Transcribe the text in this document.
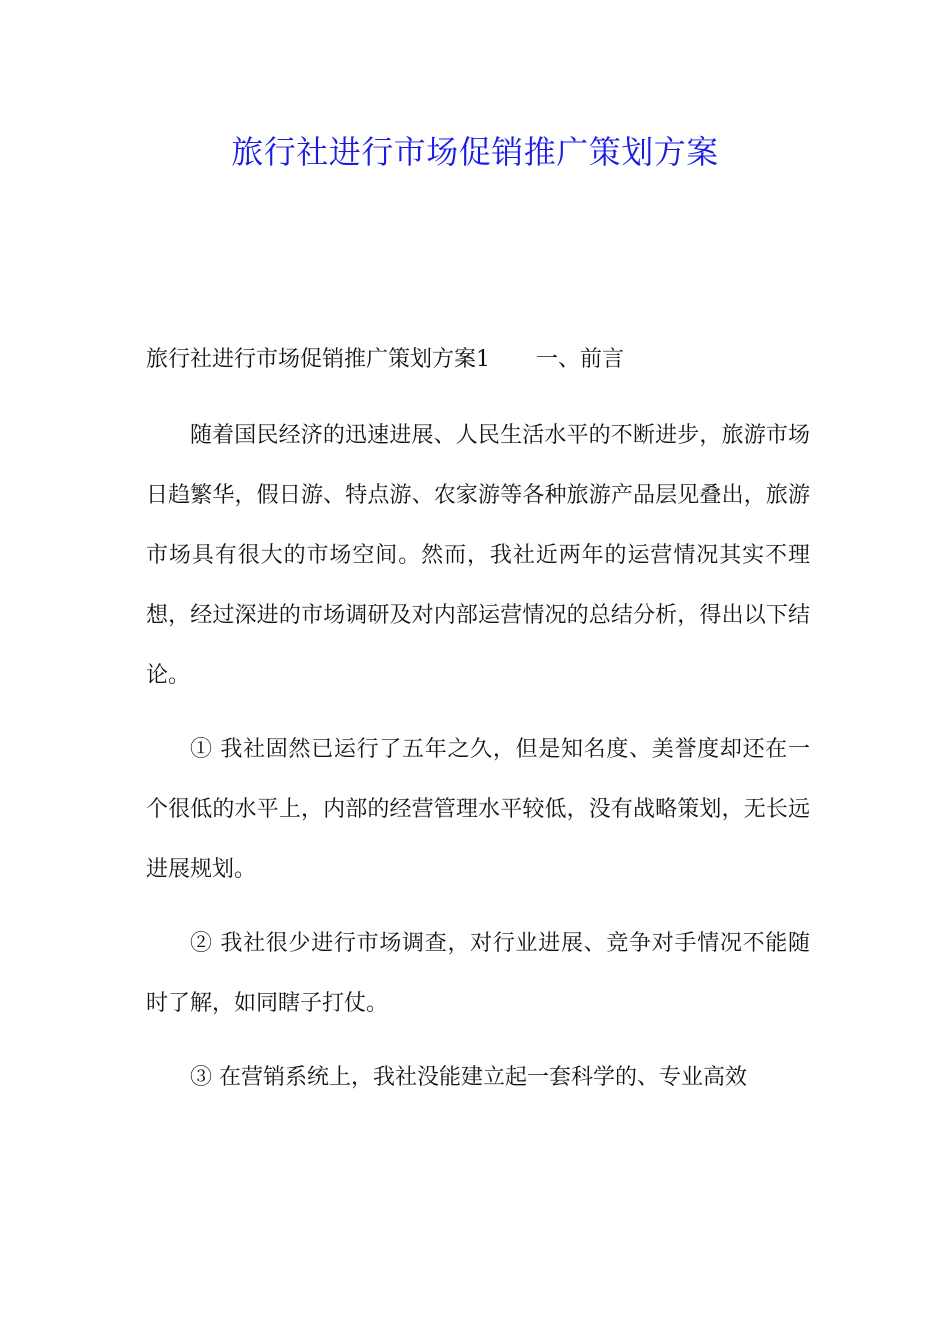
旅行社进行市场促销推广策划方案
旅行社进行市场促销推广策划方案1 一、前言

随着国民经济的迅速进展、人民生活水平的不断进步，旅游市场日趋繁华，假日游、特点游、农家游等各种旅游产品层见叠出，旅游市场具有很大的市场空间。然而，我社近两年的运营情况其实不理想，经过深进的市场调研及对内部运营情况的总结分析，得出以下结论。

① 我社固然已运行了五年之久，但是知名度、美誉度却还在一个很低的水平上，内部的经营管理水平较低，没有战略策划，无长远进展规划。

② 我社很少进行市场调查，对行业进展、竞争对手情况不能随时了解，如同瞎子打仗。

③ 在营销系统上，我社没能建立起一套科学的、专业高效
